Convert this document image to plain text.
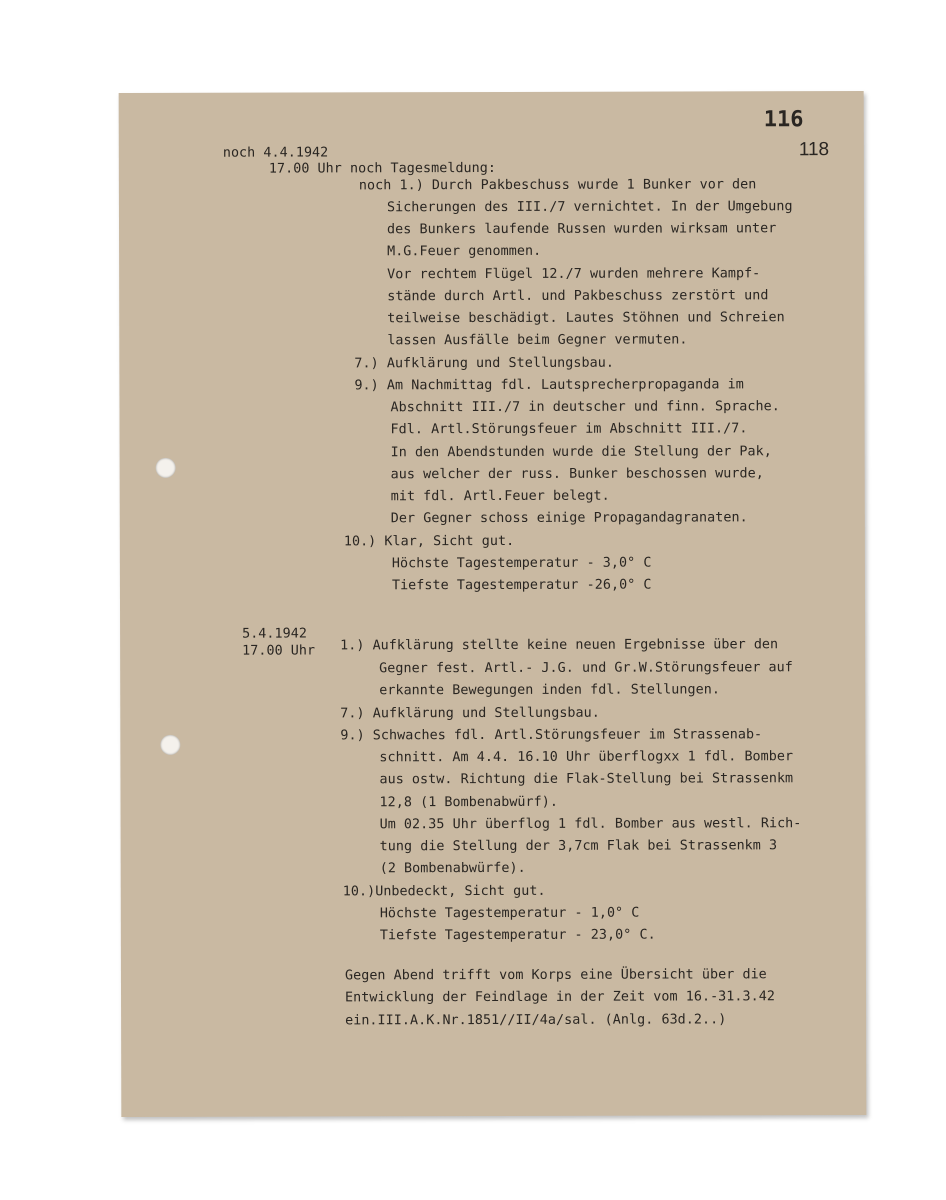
116
118
noch 4.4.1942
17.00 Uhr noch Tagesmeldung:
noch 1.) Durch Pakbeschuss wurde 1 Bunker vor den
Sicherungen des III./7 vernichtet. In der Umgebung
des Bunkers laufende Russen wurden wirksam unter
M.G.Feuer genommen.
Vor rechtem Flügel 12./7 wurden mehrere Kampf-
stände durch Artl. und Pakbeschuss zerstört und
teilweise beschädigt. Lautes Stöhnen und Schreien
lassen Ausfälle beim Gegner vermuten.
7.) Aufklärung und Stellungsbau.
9.) Am Nachmittag fdl. Lautsprecherpropaganda im
Abschnitt III./7 in deutscher und finn. Sprache.
Fdl. Artl.Störungsfeuer im Abschnitt III./7.
In den Abendstunden wurde die Stellung der Pak,
aus welcher der russ. Bunker beschossen wurde,
mit fdl. Artl.Feuer belegt.
Der Gegner schoss einige Propagandagranaten.
10.) Klar, Sicht gut.
Höchste Tagestemperatur - 3,0° C
Tiefste Tagestemperatur -26,0° C
5.4.1942
17.00 Uhr 1.) Aufklärung stellte keine neuen Ergebnisse über den
Gegner fest. Artl.- J.G. und Gr.W.Störungsfeuer auf
erkannte Bewegungen inden fdl. Stellungen.
7.) Aufklärung und Stellungsbau.
9.) Schwaches fdl. Artl.Störungsfeuer im Strassenab-
schnitt. Am 4.4. 16.10 Uhr überflogxx 1 fdl. Bomber
aus ostw. Richtung die Flak-Stellung bei Strassenkm
12,8 (1 Bombenabwürf).
Um 02.35 Uhr überflog 1 fdl. Bomber aus westl. Rich-
tung die Stellung der 3,7cm Flak bei Strassenkm 3
(2 Bombenabwürfe).
10.)Unbedeckt, Sicht gut.
Höchste Tagestemperatur - 1,0° C
Tiefste Tagestemperatur - 23,0° C.
Gegen Abend trifft vom Korps eine Übersicht über die
Entwicklung der Feindlage in der Zeit vom 16.-31.3.42
ein.III.A.K.Nr.1851//II/4a/sal. (Anlg. 63d.2..)
